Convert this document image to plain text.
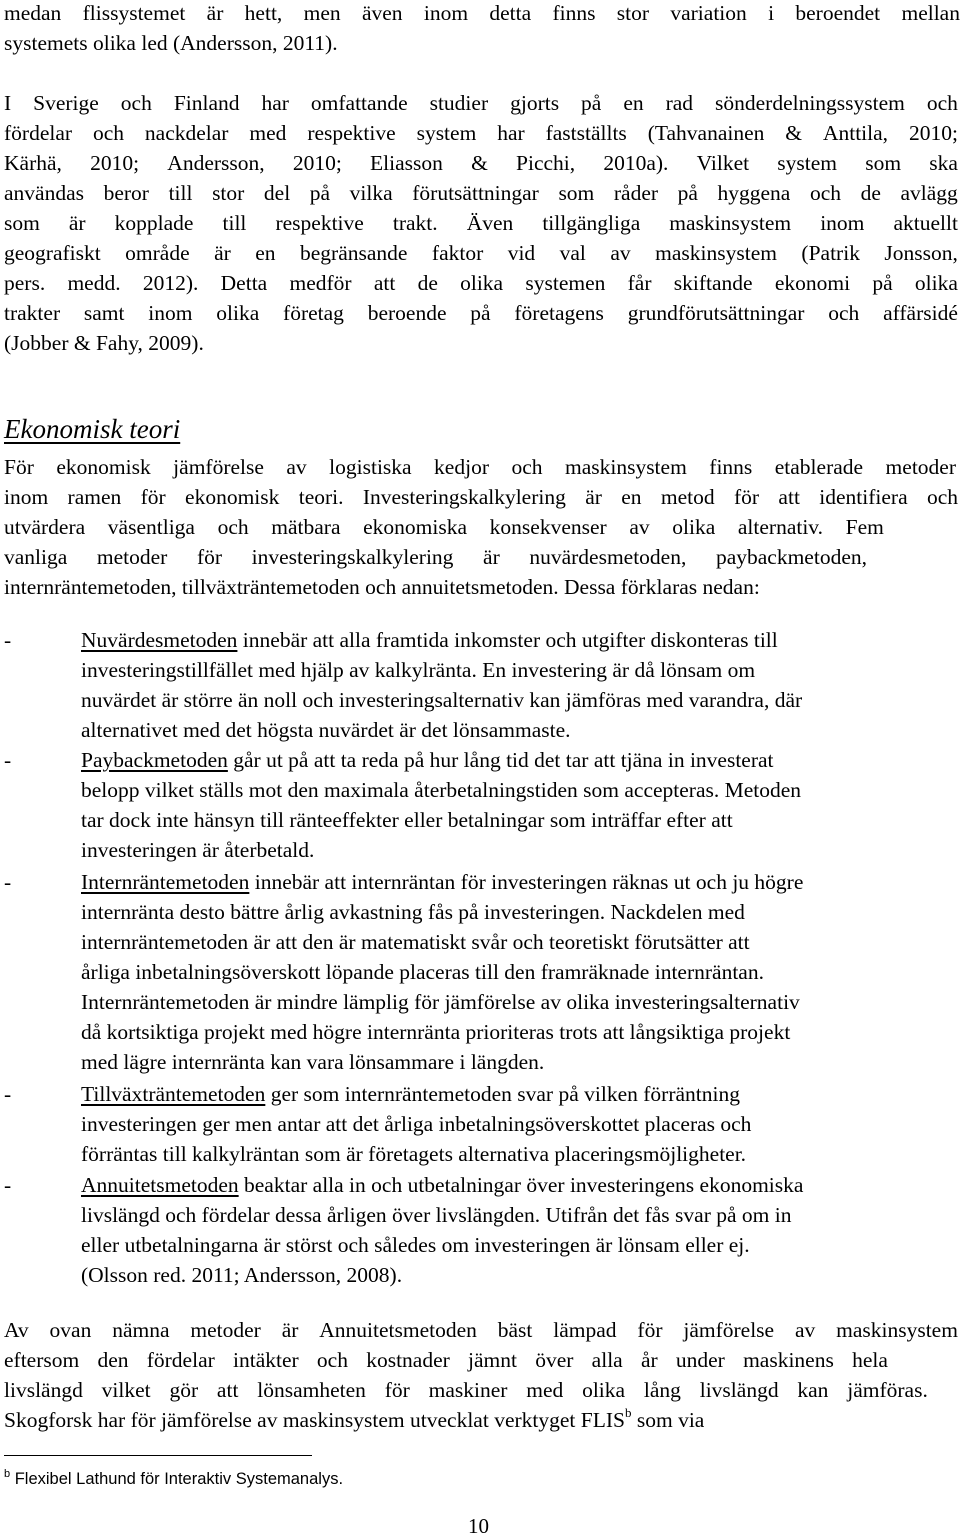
medan flissystemet är hett, men även inom detta finns stor variation i beroendet mellan
systemets olika led (Andersson, 2011).
I Sverige och Finland har omfattande studier gjorts på en rad sönderdelningssystem och
fördelar och nackdelar med respektive system har fastställts (Tahvanainen & Anttila, 2010;
Kärhä, 2010; Andersson, 2010; Eliasson & Picchi, 2010a). Vilket system som ska
användas beror till stor del på vilka förutsättningar som råder på hyggena och de avlägg
som är kopplade till respektive trakt. Även tillgängliga maskinsystem inom aktuellt
geografiskt område är en begränsande faktor vid val av maskinsystem (Patrik Jonsson,
pers. medd. 2012). Detta medför att de olika systemen får skiftande ekonomi på olika
trakter samt inom olika företag beroende på företagens grundförutsättningar och affärsidé
(Jobber & Fahy, 2009).
Ekonomisk teori
För ekonomisk jämförelse av logistiska kedjor och maskinsystem finns etablerade metoder
inom ramen för ekonomisk teori. Investeringskalkylering är en metod för att identifiera och
utvärdera väsentliga och mätbara ekonomiska konsekvenser av olika alternativ. Fem
vanliga metoder för investeringskalkylering är nuvärdesmetoden, paybackmetoden,
internräntemetoden, tillväxträntemetoden och annuitetsmetoden. Dessa förklaras nedan:
-	Nuvärdesmetoden innebär att alla framtida inkomster och utgifter diskonteras till
investeringstillfället med hjälp av kalkylränta. En investering är då lönsam om
nuvärdet är större än noll och investeringsalternativ kan jämföras med varandra, där
alternativet med det högsta nuvärdet är det lönsammaste.
-	Paybackmetoden går ut på att ta reda på hur lång tid det tar att tjäna in investerat
belopp vilket ställs mot den maximala återbetalningstiden som accepteras. Metoden
tar dock inte hänsyn till ränteeffekter eller betalningar som inträffar efter att
investeringen är återbetald.
-	Internräntemetoden innebär att internräntan för investeringen räknas ut och ju högre
internränta desto bättre årlig avkastning fås på investeringen. Nackdelen med
internräntemetoden är att den är matematiskt svår och teoretiskt förutsätter att
årliga inbetalningsöverskott löpande placeras till den framräknade internräntan.
Internräntemetoden är mindre lämplig för jämförelse av olika investeringsalternativ
då kortsiktiga projekt med högre internränta prioriteras trots att långsiktiga projekt
med lägre internränta kan vara lönsammare i längden.
-	Tillväxträntemetoden ger som internräntemetoden svar på vilken förräntning
investeringen ger men antar att det årliga inbetalningsöverskottet placeras och
förräntas till kalkylräntan som är företagets alternativa placeringsmöjligheter.
-	Annuitetsmetoden beaktar alla in och utbetalningar över investeringens ekonomiska
livslängd och fördelar dessa årligen över livslängden. Utifrån det fås svar på om in
eller utbetalningarna är störst och således om investeringen är lönsam eller ej.
(Olsson red. 2011; Andersson, 2008).
Av ovan nämna metoder är Annuitetsmetoden bäst lämpad för jämförelse av maskinsystem
eftersom den fördelar intäkter och kostnader jämnt över alla år under maskinens hela
livslängd vilket gör att lönsamheten för maskiner med olika lång livslängd kan jämföras.
Skogforsk har för jämförelse av maskinsystem utvecklat verktyget FLIS$^b$ som via
$^b$ Flexibel Lathund för Interaktiv Systemanalys.
10
